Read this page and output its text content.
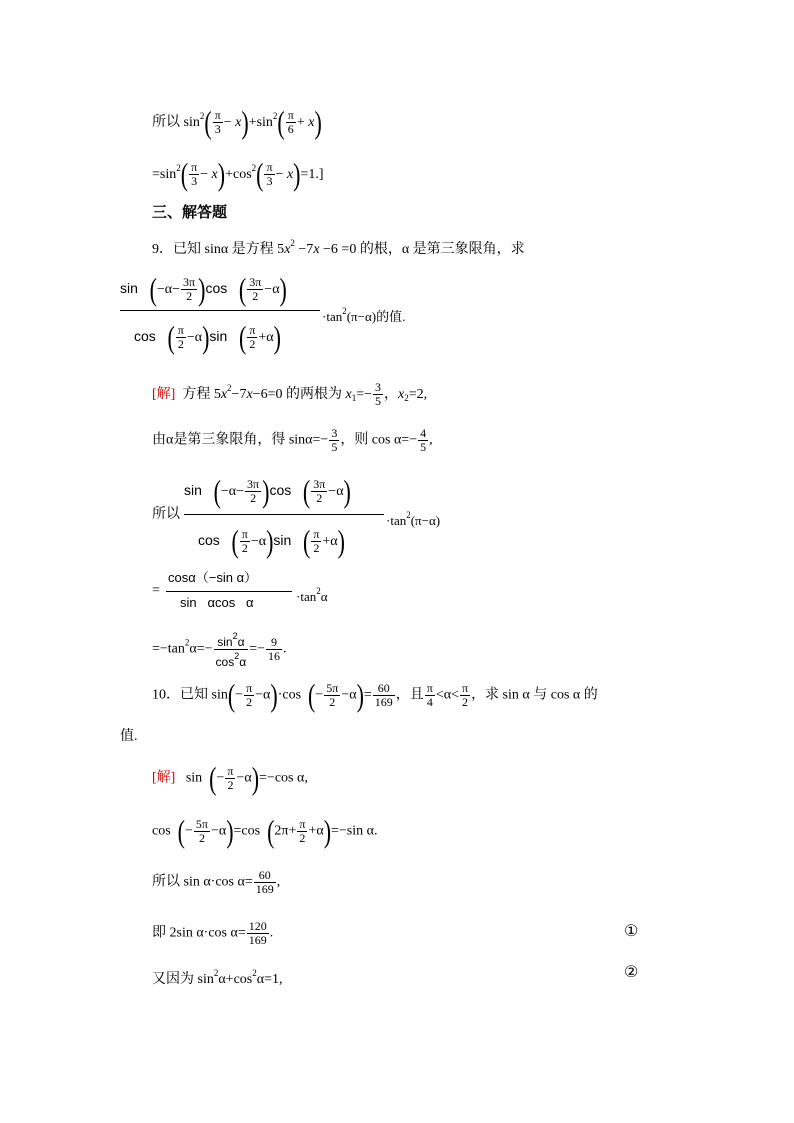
所以 $\sin^2( \frac{\pi}{3} - x)+\sin^2( \frac{\pi}{6} + x)$
$=\sin^2( \frac{\pi}{3} - x)+\cos^2( \frac{\pi}{3} - x)=1$.]
三、解答题
9．已知 sinα 是方程 $5x^2 -7x -6 =0$ 的根，α 是第三象限角，求
$\sin (-\alpha- \frac{3\pi}{2} )\cos$   ( $\frac{3\pi}{2} -\alpha$)
cos   ( $\frac{\pi}{2} -\alpha)\sin$   ( $\frac{\pi}{2} +\alpha$)
$\cdot\tan^2(\pi-\alpha)$的值.
[解]  方程 $5x^2-7x-6=0$ 的两根为 $x_1=- \frac{3}{5}$ ，$x_2=2$,
由α是第三象限角，得 $\sin\alpha=- \frac{3}{5}$ ，则 $\cos \alpha=- \frac{4}{5}$ ,
所以
$\sin (-\alpha- \frac{3\pi}{2} )\cos$   ( $\frac{3\pi}{2} -\alpha$)
cos   ( $\frac{\pi}{2} -\alpha)\sin$   ( $\frac{\pi}{2} +\alpha$)
$\cdot\tan^2(\pi-\alpha)$
=
cosα（−sin α）
sin   αcos   α	$\cdot\tan^2\alpha$
$=-\tan^2\alpha=- \frac{\sin^2\alpha}{\cos^2\alpha} =- \frac{9}{16}$ .
10．已知 $\sin(- \frac{\pi}{2} -\alpha)\cdot\cos$  (− $\frac{5\pi}{2} -\alpha)= \frac{60}{169}$ ，且 $\frac{\pi}{4} <\alpha< \frac{\pi}{2}$ ，求 sin α 与 cos α 的
值.
[解]   sin  (− $\frac{\pi}{2} -\alpha)=-\cos$ α,
cos  (− $\frac{5\pi}{2} -\alpha)=\cos$  $(2\pi+ \frac{\pi}{2} +\alpha)=-\sin$ α.
所以 sin α·cos $\alpha= \frac{60}{169}$ ,
即 2sin α·cos $\alpha= \frac{120}{169}$ .	①
又因为 $\sin^2\alpha+\cos^2\alpha=1$,	②
